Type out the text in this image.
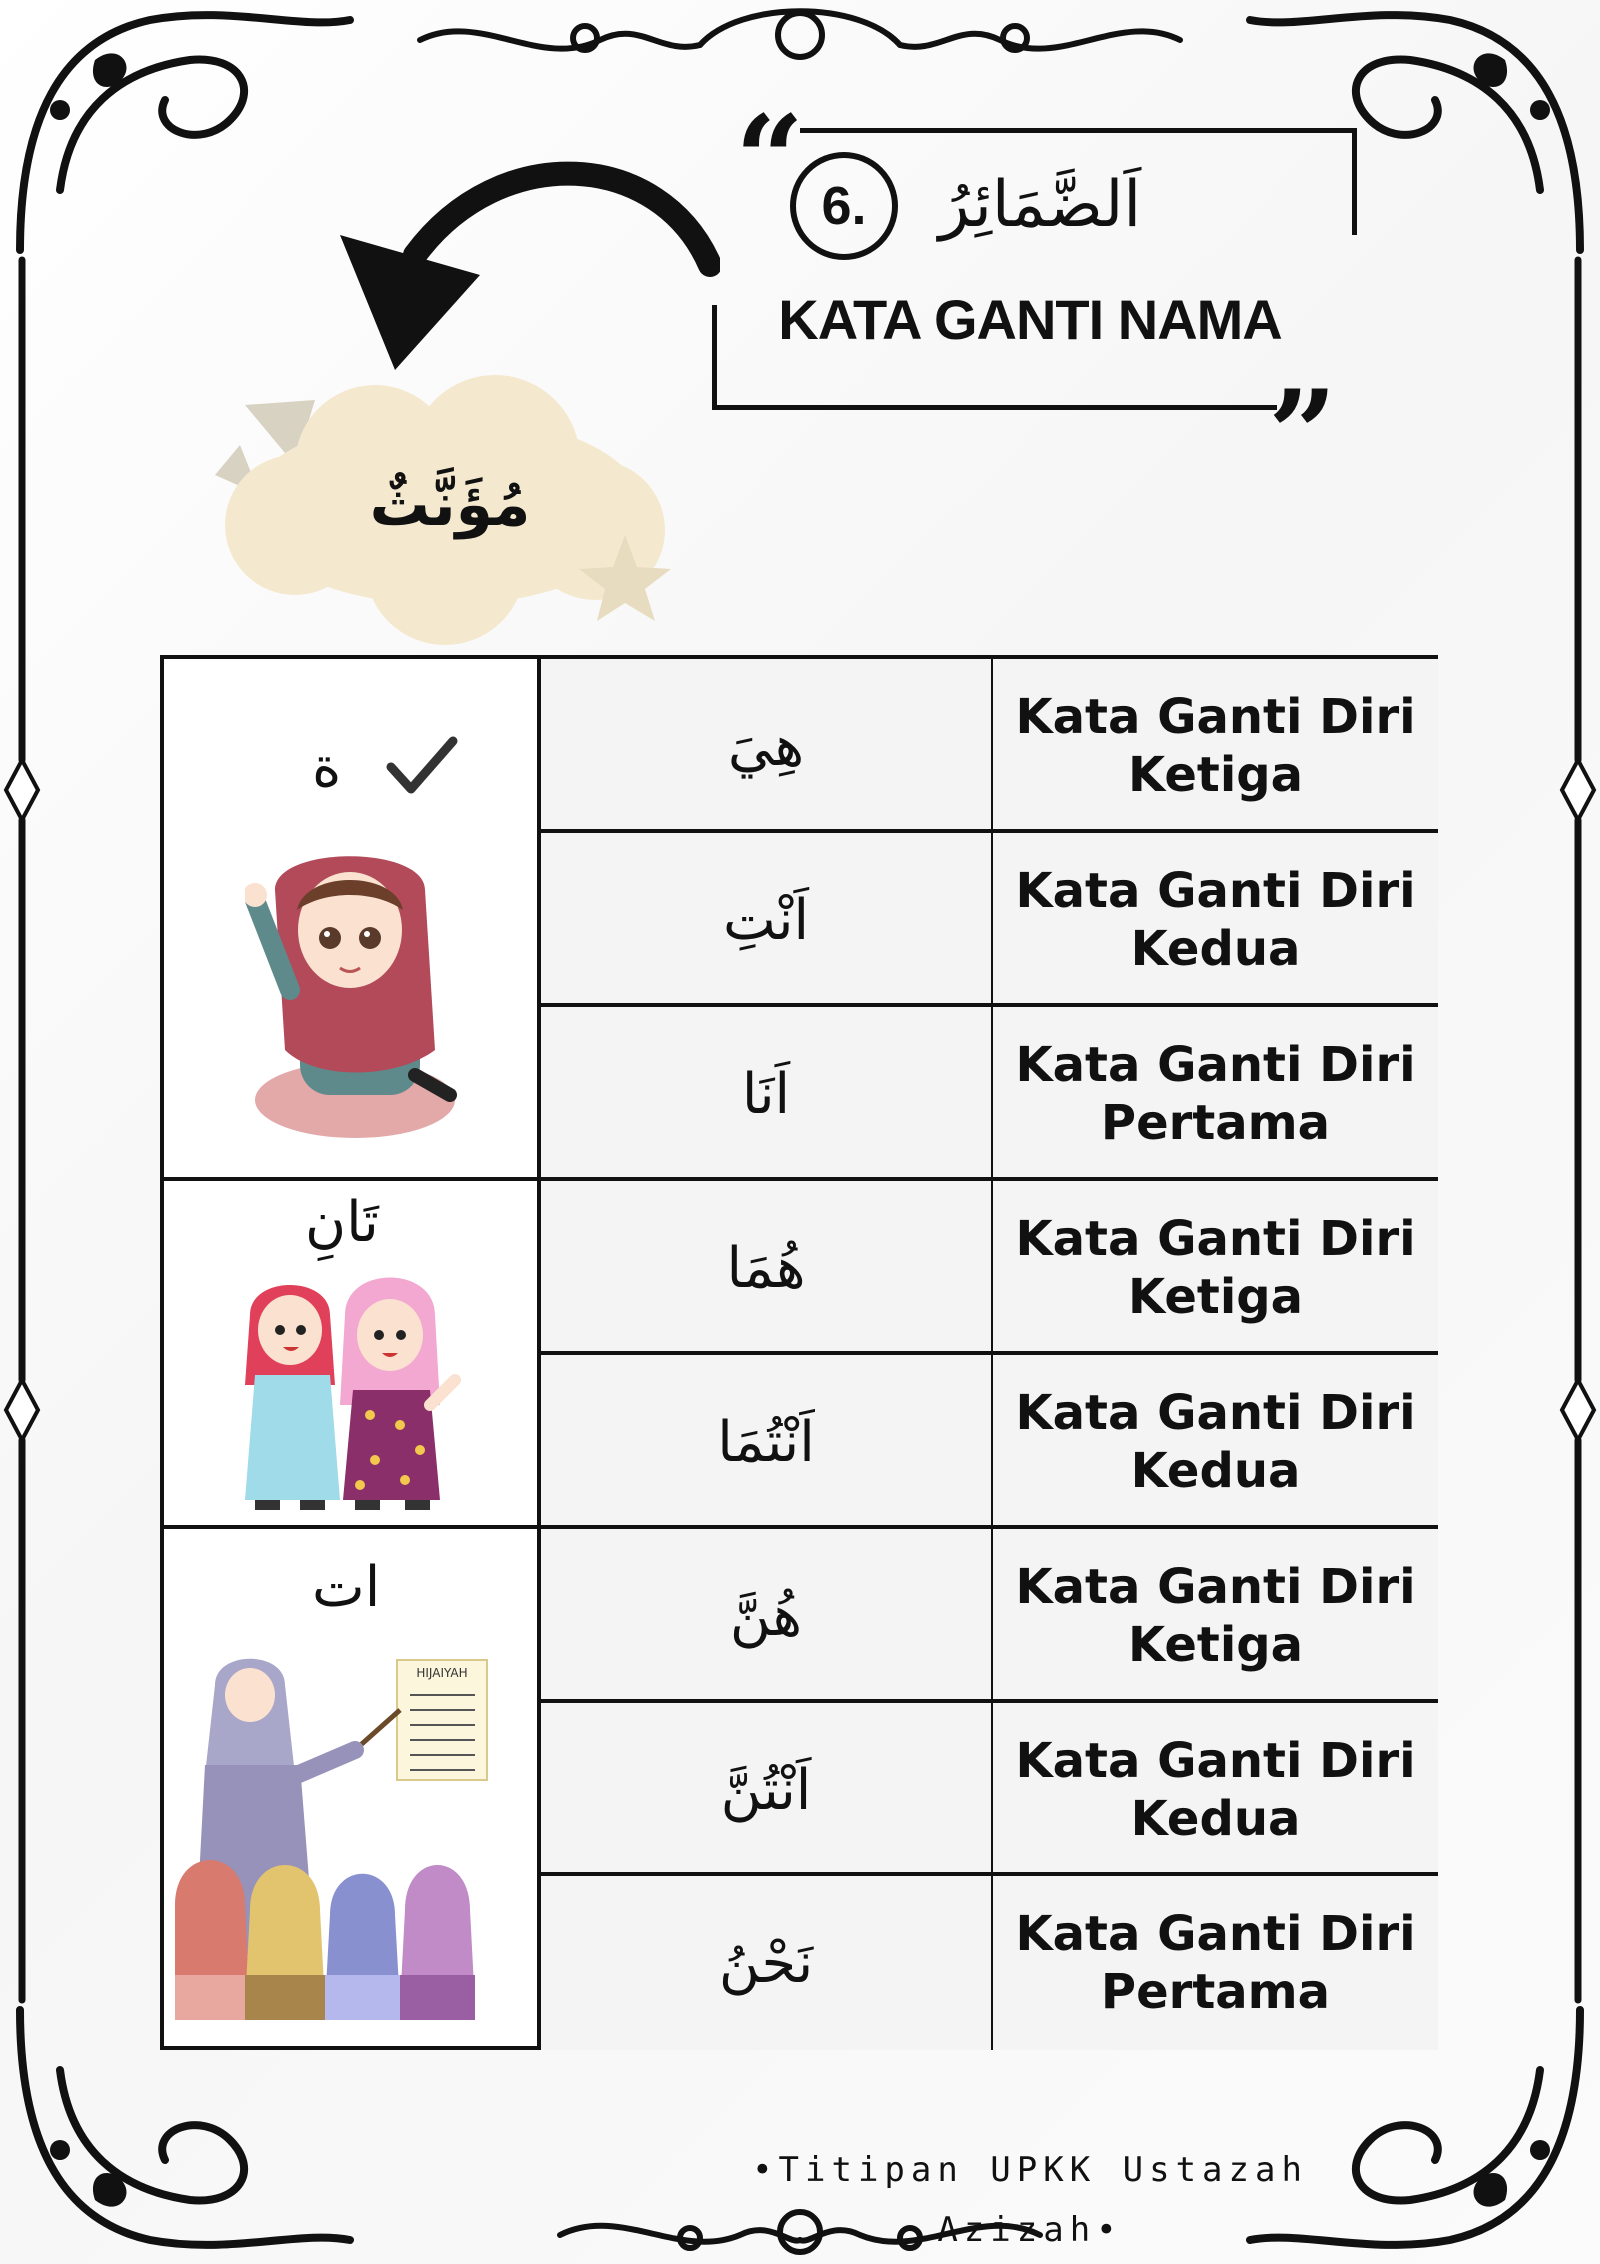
“
”
6.	اَلضَّمَائِرُ
KATA GANTI NAMA
مُؤَنَّثٌ
هِيَ
اَنْتِ
اَنَا
هُمَا
اَنْتُمَا
هُنَّ
اَنْتُنَّ
نَحْنُ
Kata Ganti Diri
Ketiga
Kata Ganti Diri
Kedua
Kata Ganti Diri
Pertama
Kata Ganti Diri
Ketiga
Kata Ganti Diri
Kedua
Kata Ganti Diri
Ketiga
Kata Ganti Diri
Kedua
Kata Ganti Diri
Pertama
ة
تَانِ
ات
HIJAIYAH
•Titipan UPKK Ustazah Azizah•
